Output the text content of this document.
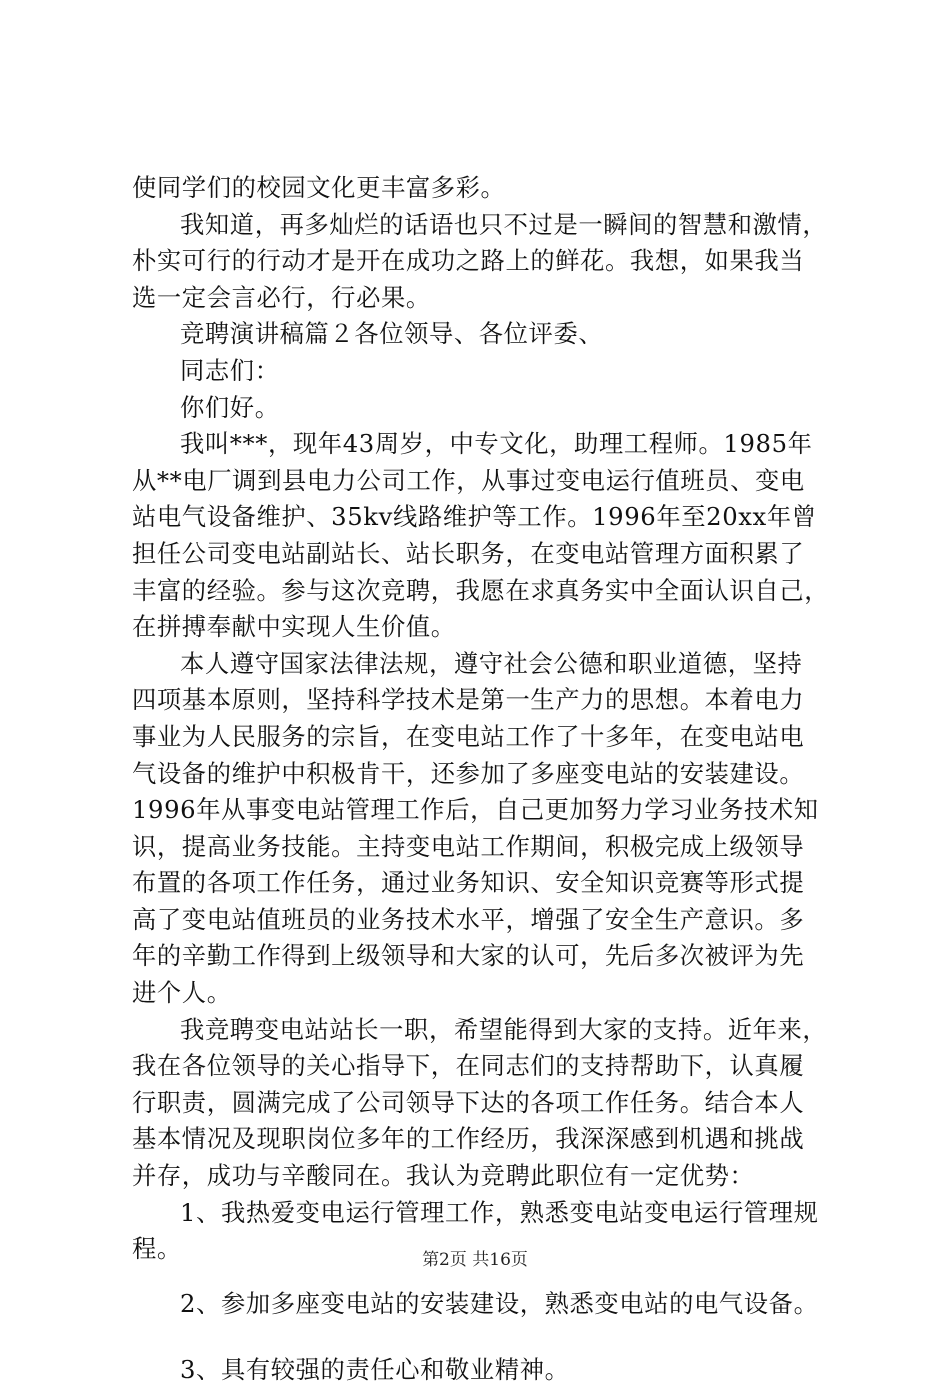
使同学们的校园文化更丰富多彩。
我知道，再多灿烂的话语也只不过是一瞬间的智慧和激情，
朴实可行的行动才是开在成功之路上的鲜花。我想，如果我当
选一定会言必行，行必果。
竞聘演讲稿篇２各位领导、各位评委、
同志们：
你们好。
我叫***，现年43周岁，中专文化，助理工程师。1985年
从**电厂调到县电力公司工作，从事过变电运行值班员、变电
站电气设备维护、35kv线路维护等工作。1996年至20xx年曾
担任公司变电站副站长、站长职务，在变电站管理方面积累了
丰富的经验。参与这次竞聘，我愿在求真务实中全面认识自己，
在拼搏奉献中实现人生价值。
本人遵守国家法律法规，遵守社会公德和职业道德，坚持
四项基本原则，坚持科学技术是第一生产力的思想。本着电力
事业为人民服务的宗旨，在变电站工作了十多年，在变电站电
气设备的维护中积极肯干，还参加了多座变电站的安装建设。
1996年从事变电站管理工作后，自己更加努力学习业务技术知
识，提高业务技能。主持变电站工作期间，积极完成上级领导
布置的各项工作任务，通过业务知识、安全知识竞赛等形式提
高了变电站值班员的业务技术水平，增强了安全生产意识。多
年的辛勤工作得到上级领导和大家的认可，先后多次被评为先
进个人。
我竞聘变电站站长一职，希望能得到大家的支持。近年来，
我在各位领导的关心指导下，在同志们的支持帮助下，认真履
行职责，圆满完成了公司领导下达的各项工作任务。结合本人
基本情况及现职岗位多年的工作经历，我深深感到机遇和挑战
并存，成功与辛酸同在。我认为竞聘此职位有一定优势：
1、我热爱变电运行管理工作，熟悉变电站变电运行管理规
程。
2、参加多座变电站的安装建设，熟悉变电站的电气设备。
3、具有较强的责任心和敬业精神。
第2页 共16页
